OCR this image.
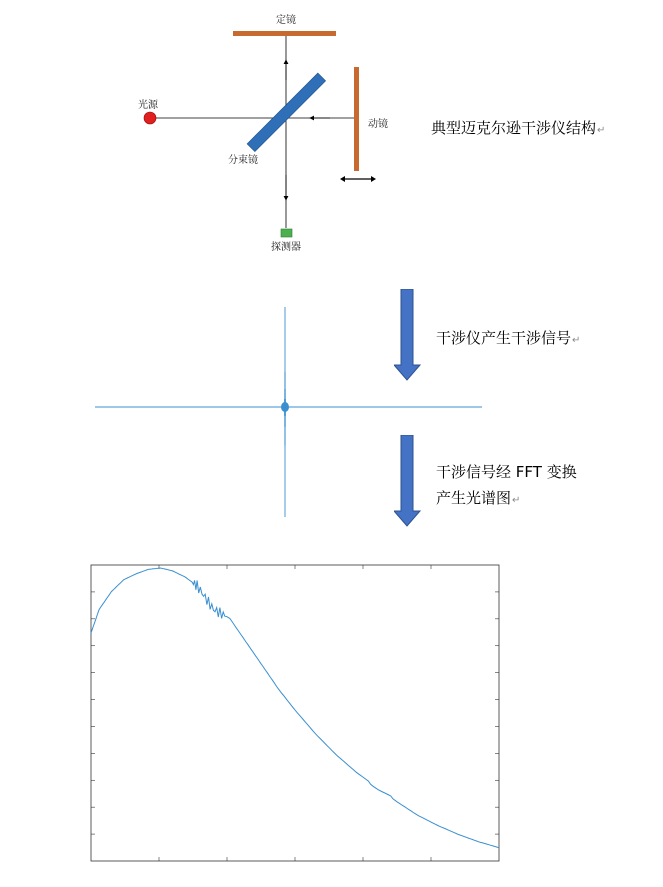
定镜
光源
分束镜
动镜
探测器
典型迈克尔逊干涉仪结构↵
干涉仪产生干涉信号↵
干涉信号经 FFT 变换
产生光谱图↵
